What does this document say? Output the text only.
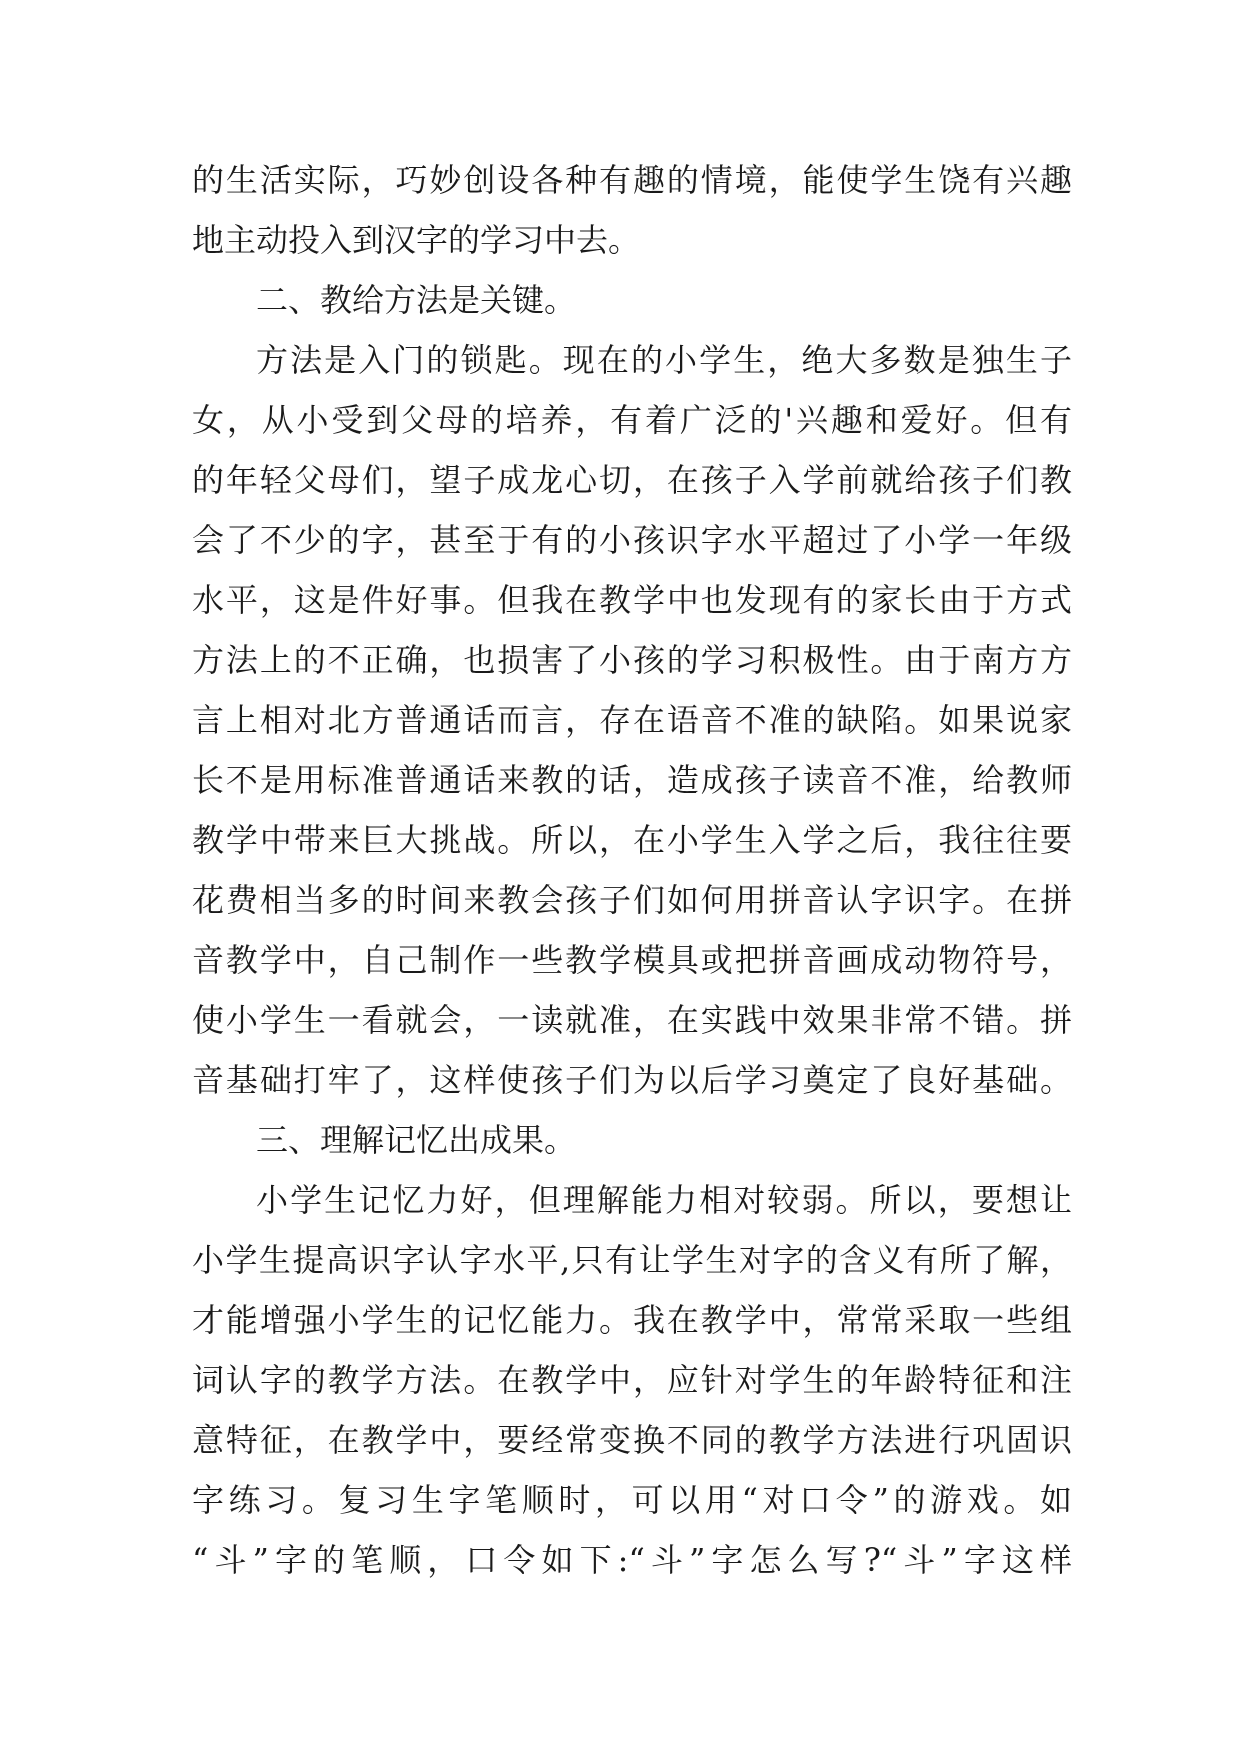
的生活实际，巧妙创设各种有趣的情境，能使学生饶有兴趣
地主动投入到汉字的学习中去。
二、教给方法是关键。
方法是入门的锁匙。现在的小学生，绝大多数是独生子
女，从小受到父母的培养，有着广泛的'兴趣和爱好。但有
的年轻父母们，望子成龙心切，在孩子入学前就给孩子们教
会了不少的字，甚至于有的小孩识字水平超过了小学一年级
水平，这是件好事。但我在教学中也发现有的家长由于方式
方法上的不正确，也损害了小孩的学习积极性。由于南方方
言上相对北方普通话而言，存在语音不准的缺陷。如果说家
长不是用标准普通话来教的话，造成孩子读音不准，给教师
教学中带来巨大挑战。所以，在小学生入学之后，我往往要
花费相当多的时间来教会孩子们如何用拼音认字识字。在拼
音教学中，自己制作一些教学模具或把拼音画成动物符号，
使小学生一看就会，一读就准，在实践中效果非常不错。拼
音基础打牢了，这样使孩子们为以后学习奠定了良好基础。
三、理解记忆出成果。
小学生记忆力好，但理解能力相对较弱。所以，要想让
小学生提高识字认字水平,只有让学生对字的含义有所了解，
才能增强小学生的记忆能力。我在教学中，常常采取一些组
词认字的教学方法。在教学中，应针对学生的年龄特征和注
意特征，在教学中，要经常变换不同的教学方法进行巩固识
字练习。复习生字笔顺时，可以用“对口令”的游戏。如
“斗”字的笔顺，口令如下:“斗”字怎么写?“斗”字这样
